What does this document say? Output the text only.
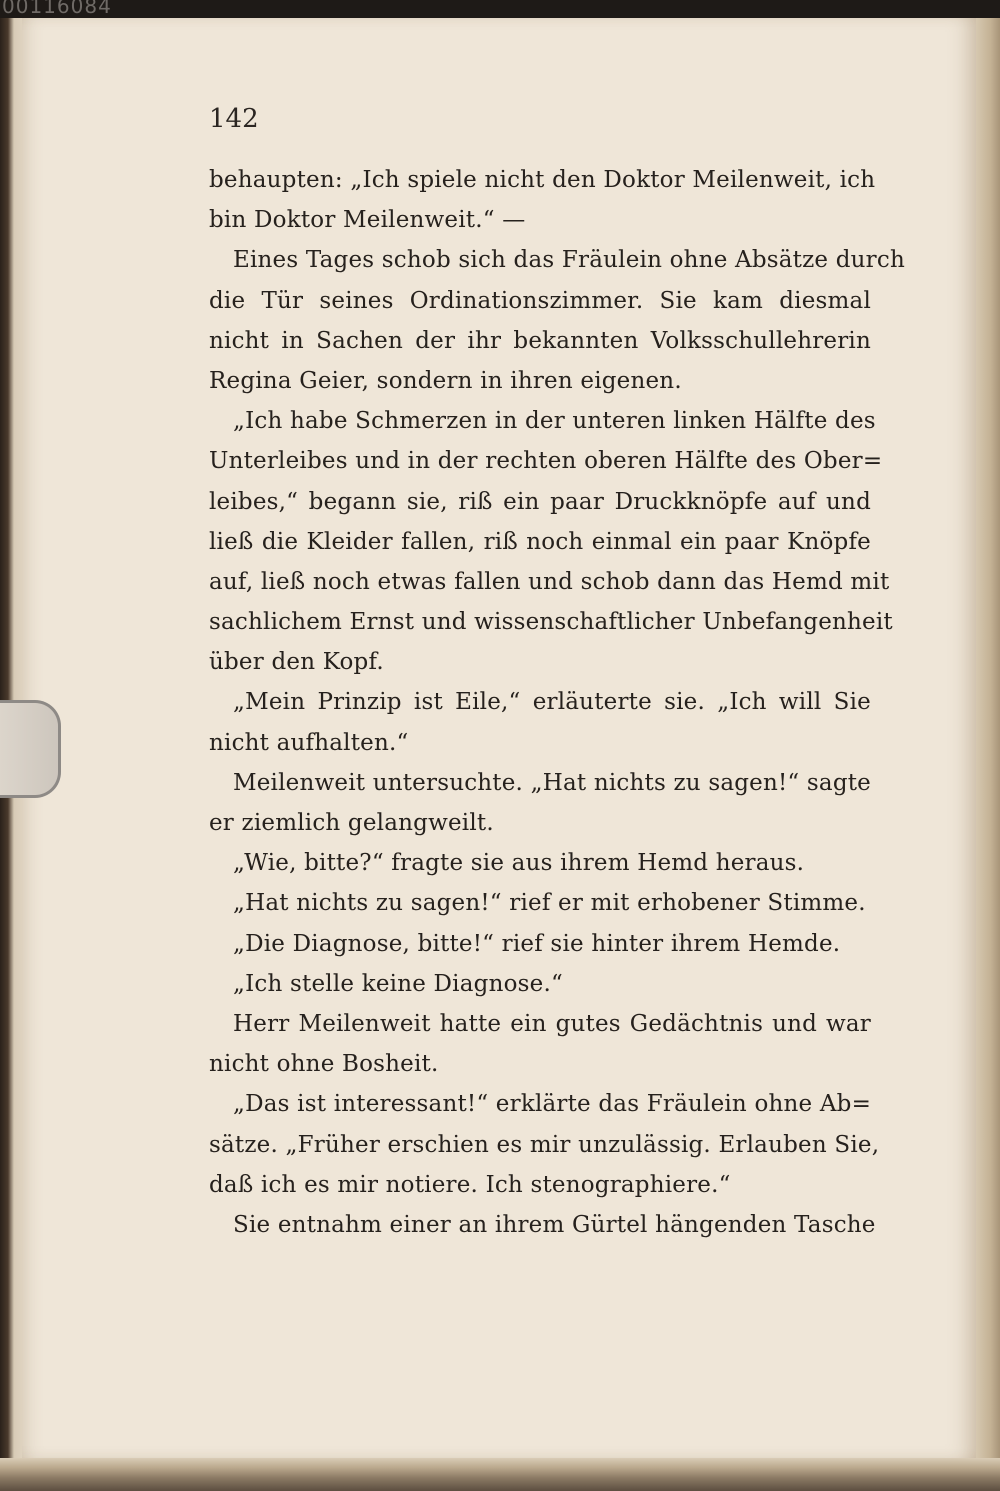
00116084
142
behaupten: „Ich spiele nicht den Doktor Meilenweit, ich
bin Doktor Meilenweit.“ —
Eines Tages schob sich das Fräulein ohne Absätze durch
die Tür seines Ordinationszimmer. Sie kam diesmal
nicht in Sachen der ihr bekannten Volksschullehrerin
Regina Geier, sondern in ihren eigenen.
„Ich habe Schmerzen in der unteren linken Hälfte des
Unterleibes und in der rechten oberen Hälfte des Ober=
leibes,“ begann sie, riß ein paar Druckknöpfe auf und
ließ die Kleider fallen, riß noch einmal ein paar Knöpfe
auf, ließ noch etwas fallen und schob dann das Hemd mit
sachlichem Ernst und wissenschaftlicher Unbefangenheit
über den Kopf.
„Mein Prinzip ist Eile,“ erläuterte sie. „Ich will Sie
nicht aufhalten.“
Meilenweit untersuchte. „Hat nichts zu sagen!“ sagte
er ziemlich gelangweilt.
„Wie, bitte?“ fragte sie aus ihrem Hemd heraus.
„Hat nichts zu sagen!“ rief er mit erhobener Stimme.
„Die Diagnose, bitte!“ rief sie hinter ihrem Hemde.
„Ich stelle keine Diagnose.“
Herr Meilenweit hatte ein gutes Gedächtnis und war
nicht ohne Bosheit.
„Das ist interessant!“ erklärte das Fräulein ohne Ab=
sätze. „Früher erschien es mir unzulässig. Erlauben Sie,
daß ich es mir notiere. Ich stenographiere.“
Sie entnahm einer an ihrem Gürtel hängenden Tasche
